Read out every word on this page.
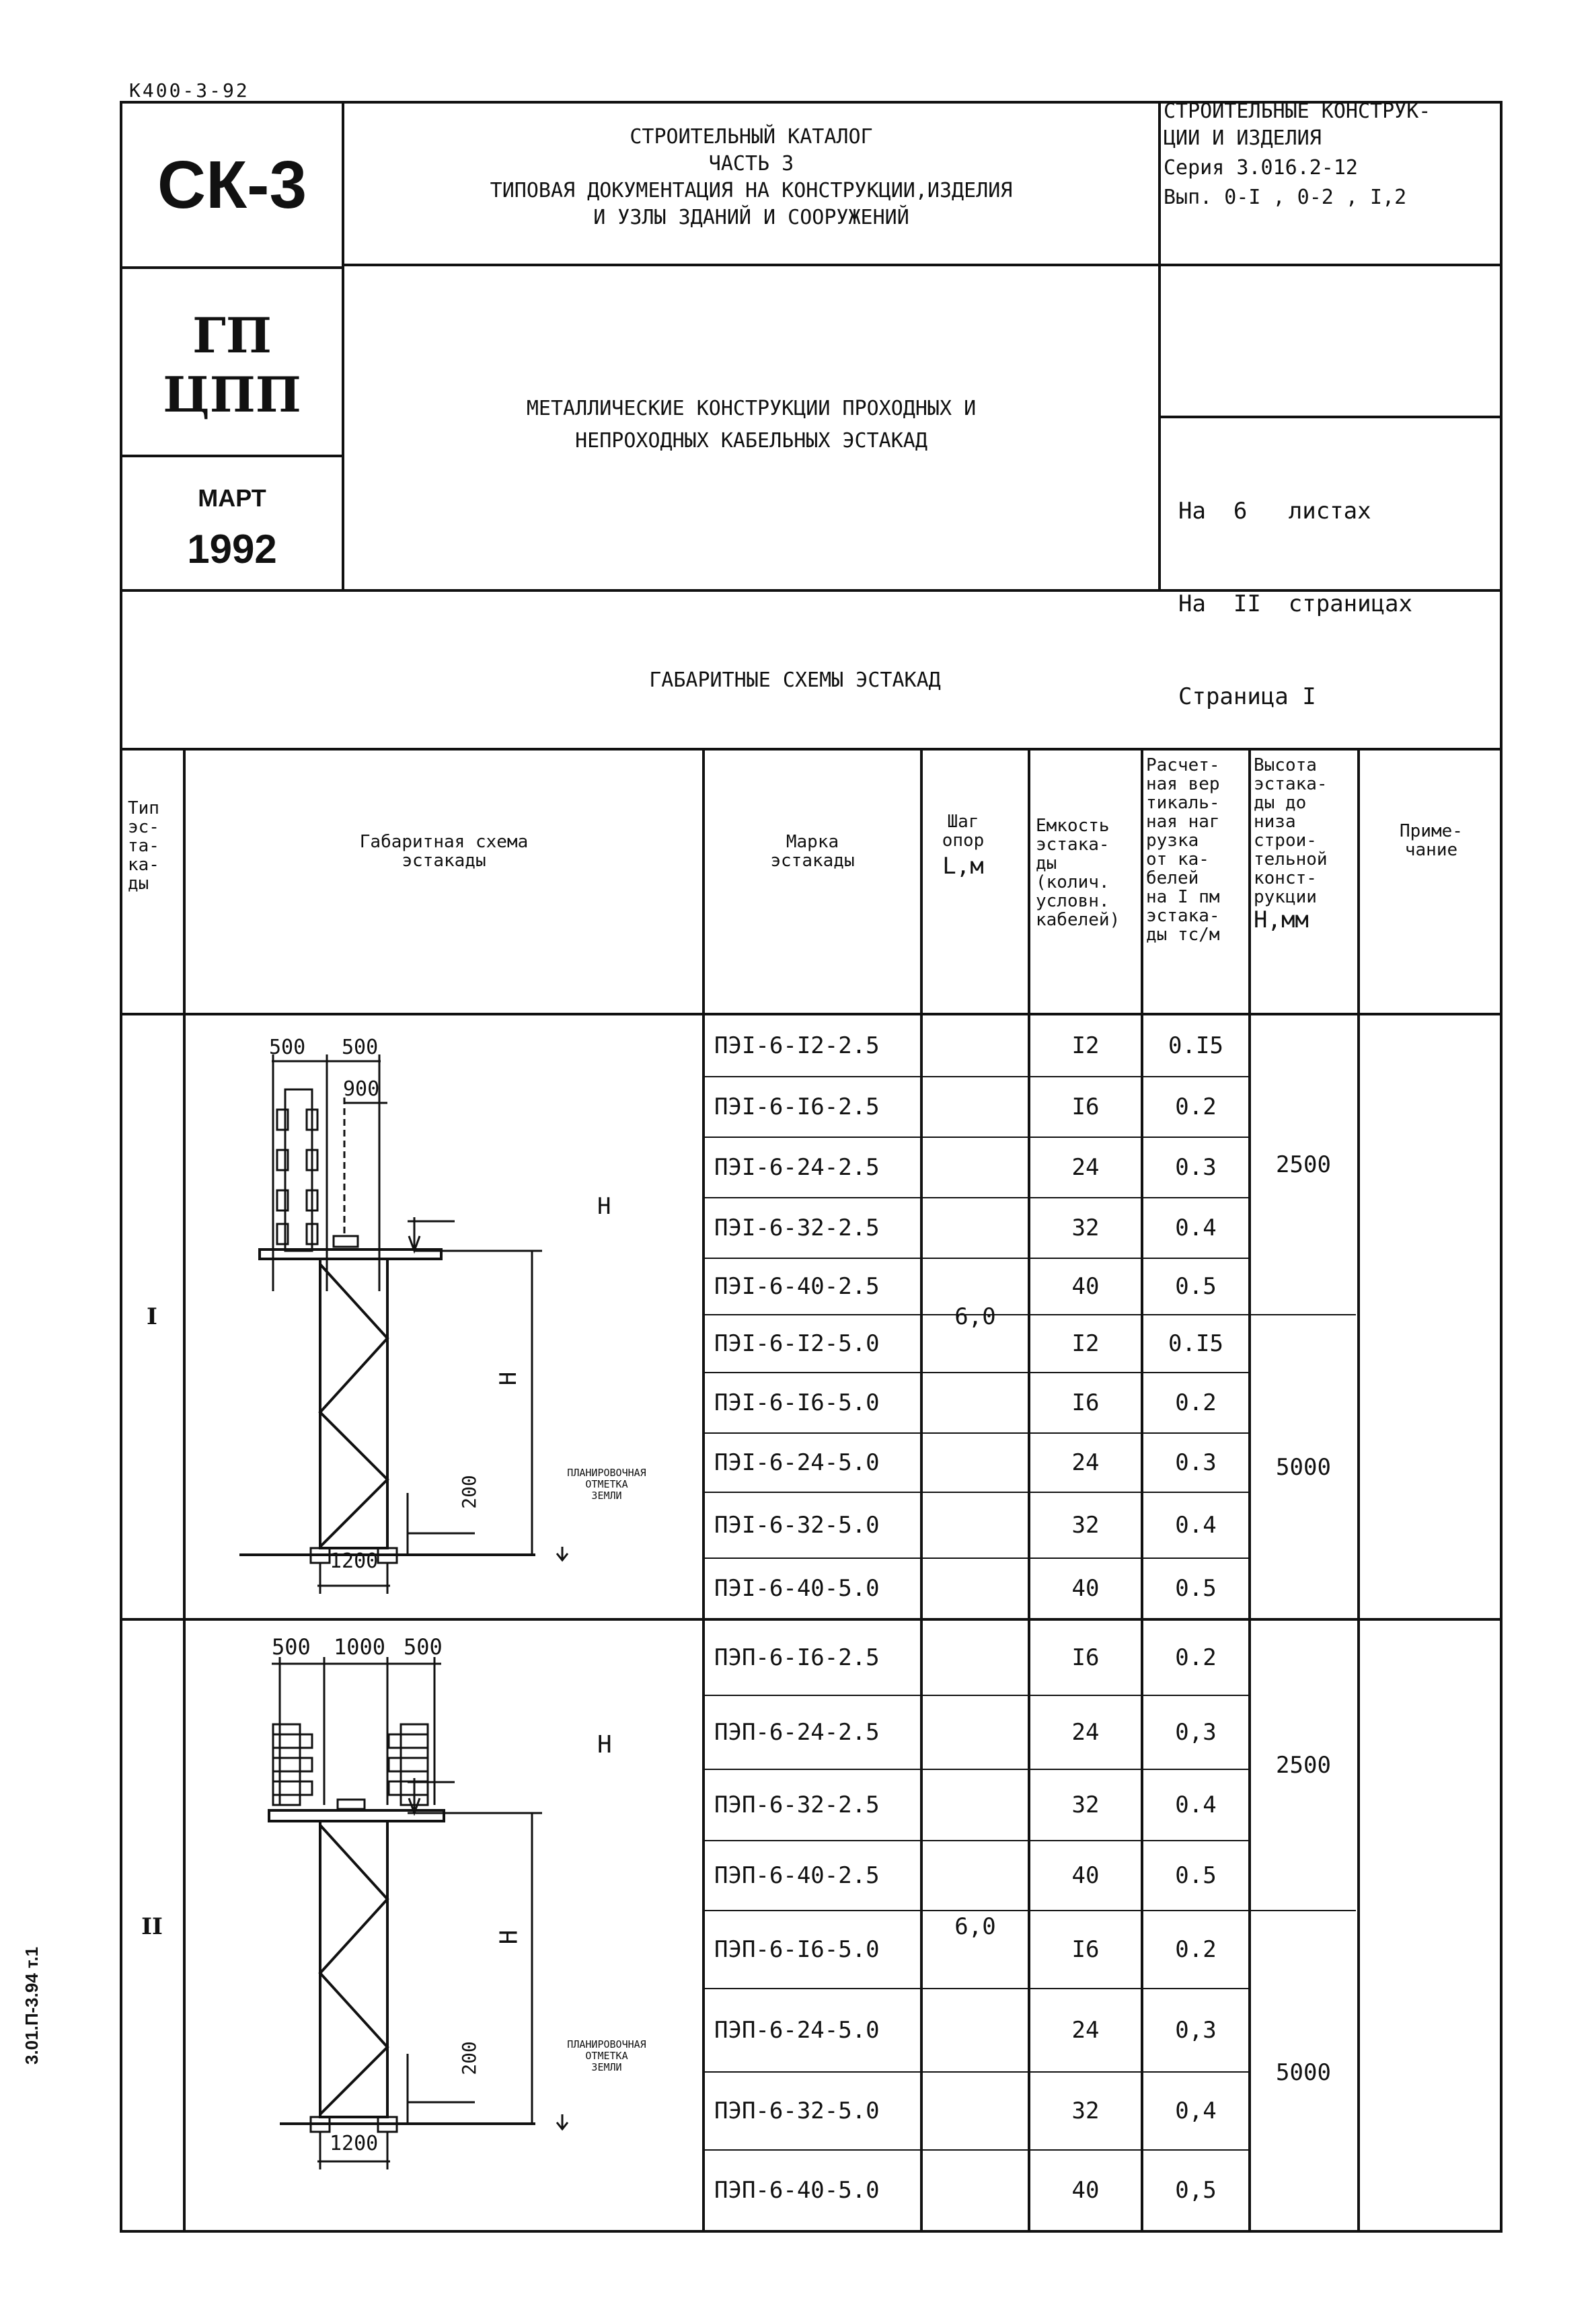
К400-3-92
СК-3
СТРОИТЕЛЬНЫЙ КАТАЛОГ
ЧАСТЬ 3
ТИПОВАЯ ДОКУМЕНТАЦИЯ НА КОНСТРУКЦИИ,ИЗДЕЛИЯ
И УЗЛЫ ЗДАНИЙ И СООРУЖЕНИЙ
СТРОИТЕЛЬНЫЕ КОНСТРУК-
ЦИИ И ИЗДЕЛИЯ
Серия 3.016.2-12
Вып. 0-I , 0-2 , I,2
ГП
ЦПП
МАРТ
1992
МЕТАЛЛИЧЕСКИЕ КОНСТРУКЦИИ ПРОХОДНЫХ И
НЕПРОХОДНЫХ КАБЕЛЬНЫХ ЭСТАКАД

На  6   листах

На  II  страницах

Страница I

ГАБАРИТНЫЕ СХЕМЫ ЭСТАКАД
Тип
эс-
та-
ка-
ды
Габаритная схема
эстакады
Марка
эстакады
Шаг
опор
L,м
Емкость
эстака-
ды
(колич.
условн.
кабелей)
Расчет-
ная вер
тикаль-
ная наг
рузка
от ка-
белей
на I пм
эстака-
ды тс/м
Высота
эстака-
ды до
низа
строи-
тельной
конст-
рукции
Н,мм
Приме-
чание
I	6,0
2500
5000
ПЭI-6-I2-2.5
ПЭI-6-I6-2.5
ПЭI-6-24-2.5
ПЭI-6-32-2.5
ПЭI-6-40-2.5
ПЭI-6-I2-5.0
ПЭI-6-I6-5.0
ПЭI-6-24-5.0
ПЭI-6-32-5.0
ПЭI-6-40-5.0
I2
I6
24
32
40
I2
I6
24
32
40
0.I5
0.2
0.3
0.4
0.5
0.I5
0.2
0.3
0.4
0.5
II	6,0
2500
5000
ПЭП-6-I6-2.5
ПЭП-6-24-2.5
ПЭП-6-32-2.5
ПЭП-6-40-2.5
ПЭП-6-I6-5.0
ПЭП-6-24-5.0
ПЭП-6-32-5.0
ПЭП-6-40-5.0
I6
24
32
40
I6
24
32
40
0.2
0,3
0.4
0.5
0.2
0,3
0,4
0,5
500 500
900
H
H
200
1200
ПЛАНИРОВОЧНАЯ
ОТМЕТКА
ЗЕМЛИ
500 1000 500
H
H
200
1200
ПЛАНИРОВОЧНАЯ
ОТМЕТКА
ЗЕМЛИ
3.01.П-3.94 т.1
